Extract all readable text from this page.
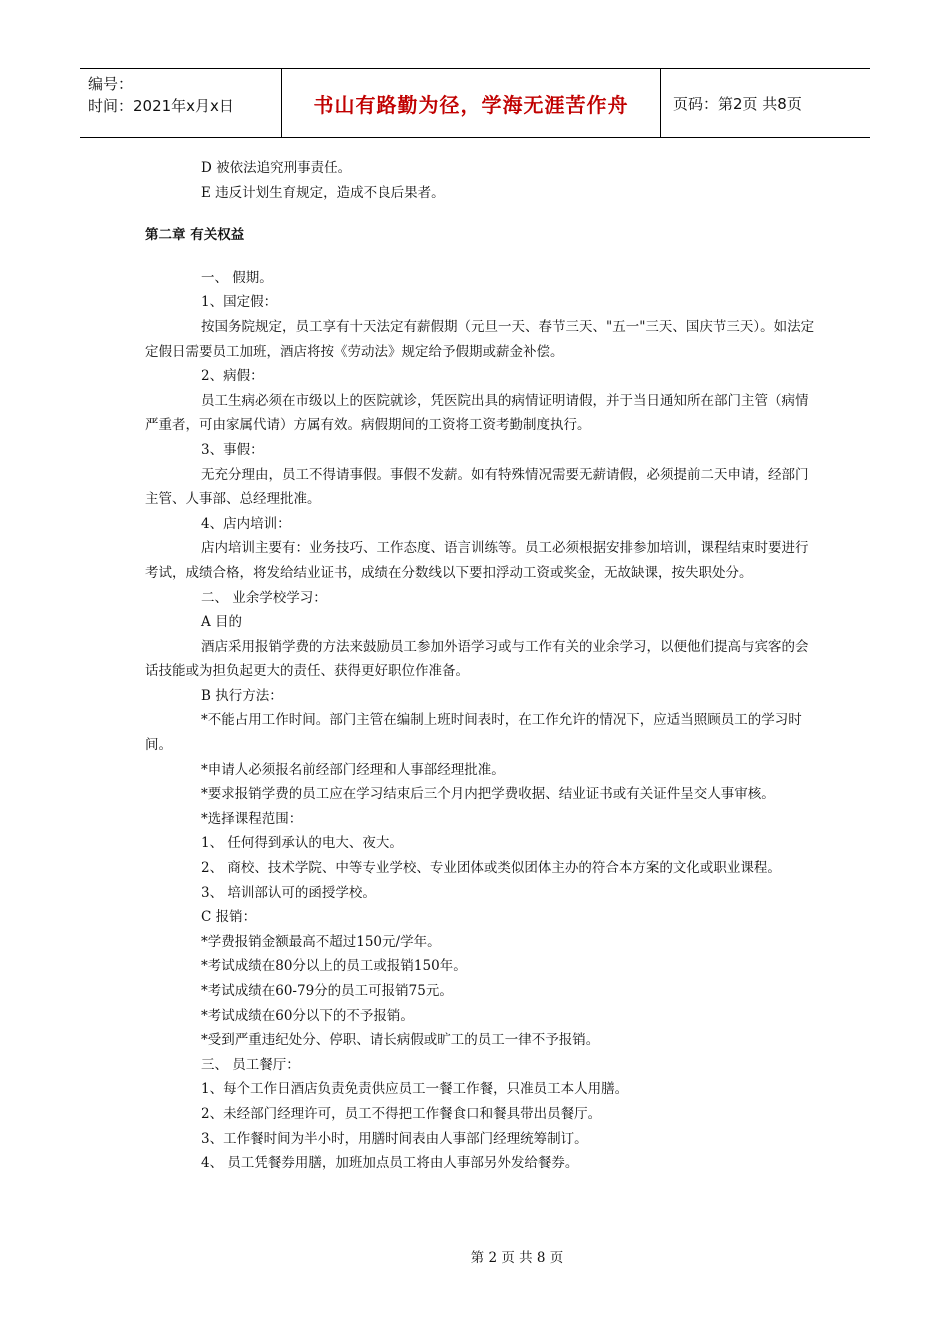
编号：
时间：2021年x月x日	书山有路勤为径，学海无涯苦作舟	页码：第2页 共8页

D 被依法追究刑事责任。

E 违反计划生育规定，造成不良后果者。

第二章 有关权益

一、 假期。

1、国定假：

按国务院规定，员工享有十天法定有薪假期（元旦一天、春节三天、"五一"三天、国庆节三天）。如法定定假日需要员工加班，酒店将按《劳动法》规定给予假期或薪金补偿。

2、病假：

员工生病必须在市级以上的医院就诊，凭医院出具的病情证明请假，并于当日通知所在部门主管（病情严重者，可由家属代请）方属有效。病假期间的工资将工资考勤制度执行。

3、事假：

无充分理由，员工不得请事假。事假不发薪。如有特殊情况需要无薪请假，必须提前二天申请，经部门主管、人事部、总经理批准。

4、店内培训：

店内培训主要有：业务技巧、工作态度、语言训练等。员工必须根据安排参加培训，课程结束时要进行考试，成绩合格，将发给结业证书，成绩在分数线以下要扣浮动工资或奖金，无故缺课，按失职处分。

二、 业余学校学习：

A 目的

酒店采用报销学费的方法来鼓励员工参加外语学习或与工作有关的业余学习，以便他们提高与宾客的会话技能或为担负起更大的责任、获得更好职位作准备。

B 执行方法：

*不能占用工作时间。部门主管在编制上班时间表时，在工作允许的情况下，应适当照顾员工的学习时间。

*申请人必须报名前经部门经理和人事部经理批准。

*要求报销学费的员工应在学习结束后三个月内把学费收据、结业证书或有关证件呈交人事审核。

*选择课程范围：

1、 任何得到承认的电大、夜大。

2、 商校、技术学院、中等专业学校、专业团体或类似团体主办的符合本方案的文化或职业课程。

3、 培训部认可的函授学校。

C 报销：

*学费报销金额最高不超过150元/学年。

*考试成绩在80分以上的员工或报销150年。

*考试成绩在60-79分的员工可报销75元。

*考试成绩在60分以下的不予报销。

*受到严重违纪处分、停职、请长病假或旷工的员工一律不予报销。

三、 员工餐厅：

1、每个工作日酒店负责免责供应员工一餐工作餐，只准员工本人用膳。

2、未经部门经理许可，员工不得把工作餐食口和餐具带出员餐厅。

3、工作餐时间为半小时，用膳时间表由人事部门经理统筹制订。

4、 员工凭餐券用膳，加班加点员工将由人事部另外发给餐券。

第 2 页 共 8 页
